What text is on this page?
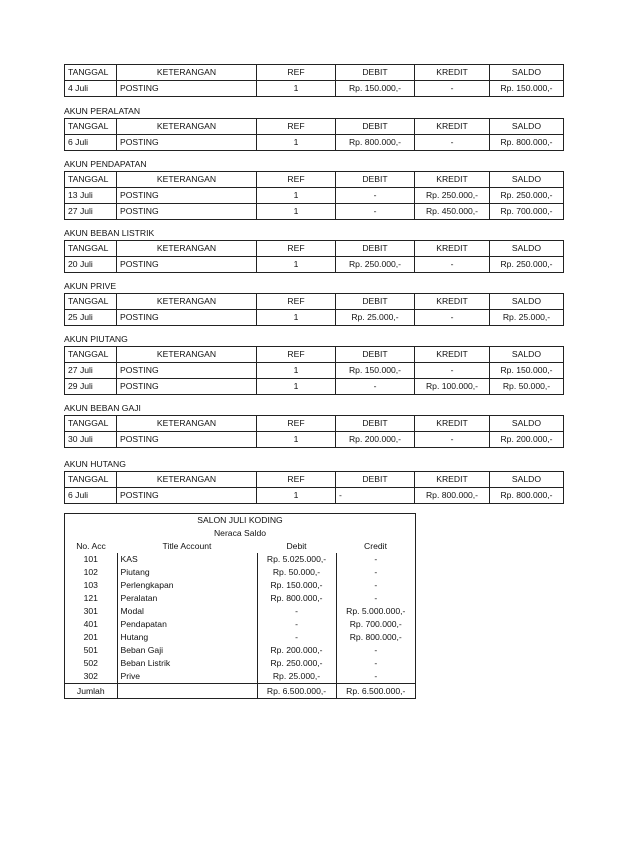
TANGGAL	KETERANGAN	REF	DEBIT	KREDIT	SALDO
4 Juli	POSTING	1	Rp. 150.000,-	-	Rp. 150.000,-
AKUN PERALATAN
TANGGAL	KETERANGAN	REF	DEBIT	KREDIT	SALDO
6 Juli	POSTING	1	Rp. 800.000,-	-	Rp. 800.000,-
AKUN PENDAPATAN
TANGGAL	KETERANGAN	REF	DEBIT	KREDIT	SALDO
13 Juli	POSTING	1	-	Rp. 250.000,-	Rp. 250.000,-
27 Juli	POSTING	1	-	Rp. 450.000,-	Rp. 700.000,-
AKUN BEBAN LISTRIK
TANGGAL	KETERANGAN	REF	DEBIT	KREDIT	SALDO
20 Juli	POSTING	1	Rp. 250.000,-	-	Rp. 250.000,-
AKUN PRIVE
TANGGAL	KETERANGAN	REF	DEBIT	KREDIT	SALDO
25 Juli	POSTING	1	Rp. 25.000,-	-	Rp. 25.000,-
AKUN PIUTANG
TANGGAL	KETERANGAN	REF	DEBIT	KREDIT	SALDO
27 Juli	POSTING	1	Rp. 150.000,-	-	Rp. 150.000,-
29 Juli	POSTING	1	-	Rp. 100.000,-	Rp. 50.000,-
AKUN BEBAN GAJI
TANGGAL	KETERANGAN	REF	DEBIT	KREDIT	SALDO
30 Juli	POSTING	1	Rp. 200.000,-	-	Rp. 200.000,-
AKUN HUTANG
TANGGAL	KETERANGAN	REF	DEBIT	KREDIT	SALDO
6 Juli	POSTING	1	-	Rp. 800.000,-	Rp. 800.000,-
SALON JULI KODING
Neraca Saldo
No. Acc	Title Account	Debit	Credit
101	KAS	Rp. 5.025.000,-	-
102	Piutang	Rp. 50.000,-	-
103	Perlengkapan	Rp. 150.000,-	-
121	Peralatan	Rp. 800.000,-	-
301	Modal	-	Rp. 5.000.000,-
401	Pendapatan	-	Rp. 700.000,-
201	Hutang	-	Rp. 800.000,-
501	Beban Gaji	Rp. 200.000,-	-
502	Beban Listrik	Rp. 250.000,-	-
302	Prive	Rp. 25.000,-	-
Jumlah		Rp. 6.500.000,-	Rp. 6.500.000,-
